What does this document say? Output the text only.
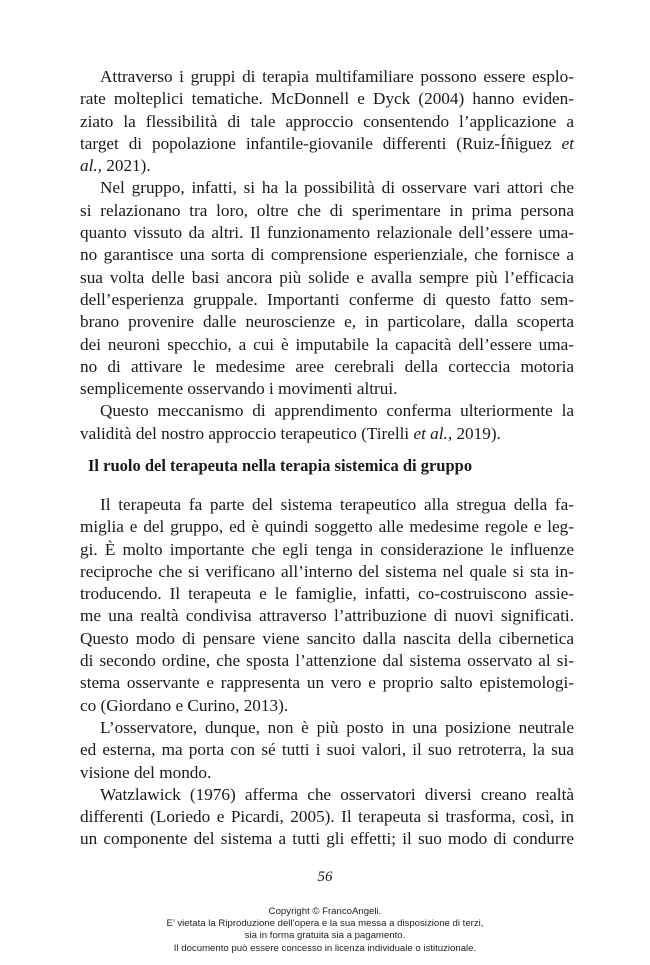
Attraverso i gruppi di terapia multifamiliare possono essere esplo-
rate molteplici tematiche. McDonnell e Dyck (2004) hanno eviden-
ziato la flessibilità di tale approccio consentendo l’applicazione a
target di popolazione infantile-giovanile differenti (Ruiz-Íñiguez et
al., 2021).
Nel gruppo, infatti, si ha la possibilità di osservare vari attori che
si relazionano tra loro, oltre che di sperimentare in prima persona
quanto vissuto da altri. Il funzionamento relazionale dell’essere uma-
no garantisce una sorta di comprensione esperienziale, che fornisce a
sua volta delle basi ancora più solide e avalla sempre più l’efficacia
dell’esperienza gruppale. Importanti conferme di questo fatto sem-
brano provenire dalle neuroscienze e, in particolare, dalla scoperta
dei neuroni specchio, a cui è imputabile la capacità dell’essere uma-
no di attivare le medesime aree cerebrali della corteccia motoria
semplicemente osservando i movimenti altrui.
Questo meccanismo di apprendimento conferma ulteriormente la
validità del nostro approccio terapeutico (Tirelli et al., 2019).
Il ruolo del terapeuta nella terapia sistemica di gruppo
Il terapeuta fa parte del sistema terapeutico alla stregua della fa-
miglia e del gruppo, ed è quindi soggetto alle medesime regole e leg-
gi. È molto importante che egli tenga in considerazione le influenze
reciproche che si verificano all’interno del sistema nel quale si sta in-
troducendo. Il terapeuta e le famiglie, infatti, co-costruiscono assie-
me una realtà condivisa attraverso l’attribuzione di nuovi significati.
Questo modo di pensare viene sancito dalla nascita della cibernetica
di secondo ordine, che sposta l’attenzione dal sistema osservato al si-
stema osservante e rappresenta un vero e proprio salto epistemologi-
co (Giordano e Curino, 2013).
L’osservatore, dunque, non è più posto in una posizione neutrale
ed esterna, ma porta con sé tutti i suoi valori, il suo retroterra, la sua
visione del mondo.
Watzlawick (1976) afferma che osservatori diversi creano realtà
differenti (Loriedo e Picardi, 2005). Il terapeuta si trasforma, così, in
un componente del sistema a tutti gli effetti; il suo modo di condurre
56
Copyright © FrancoAngeli.
E’ vietata la Riproduzione dell’opera e la sua messa a disposizione di terzi,
sia in forma gratuita sia a pagamento.
Il documento può essere concesso in licenza individuale o istituzionale.
